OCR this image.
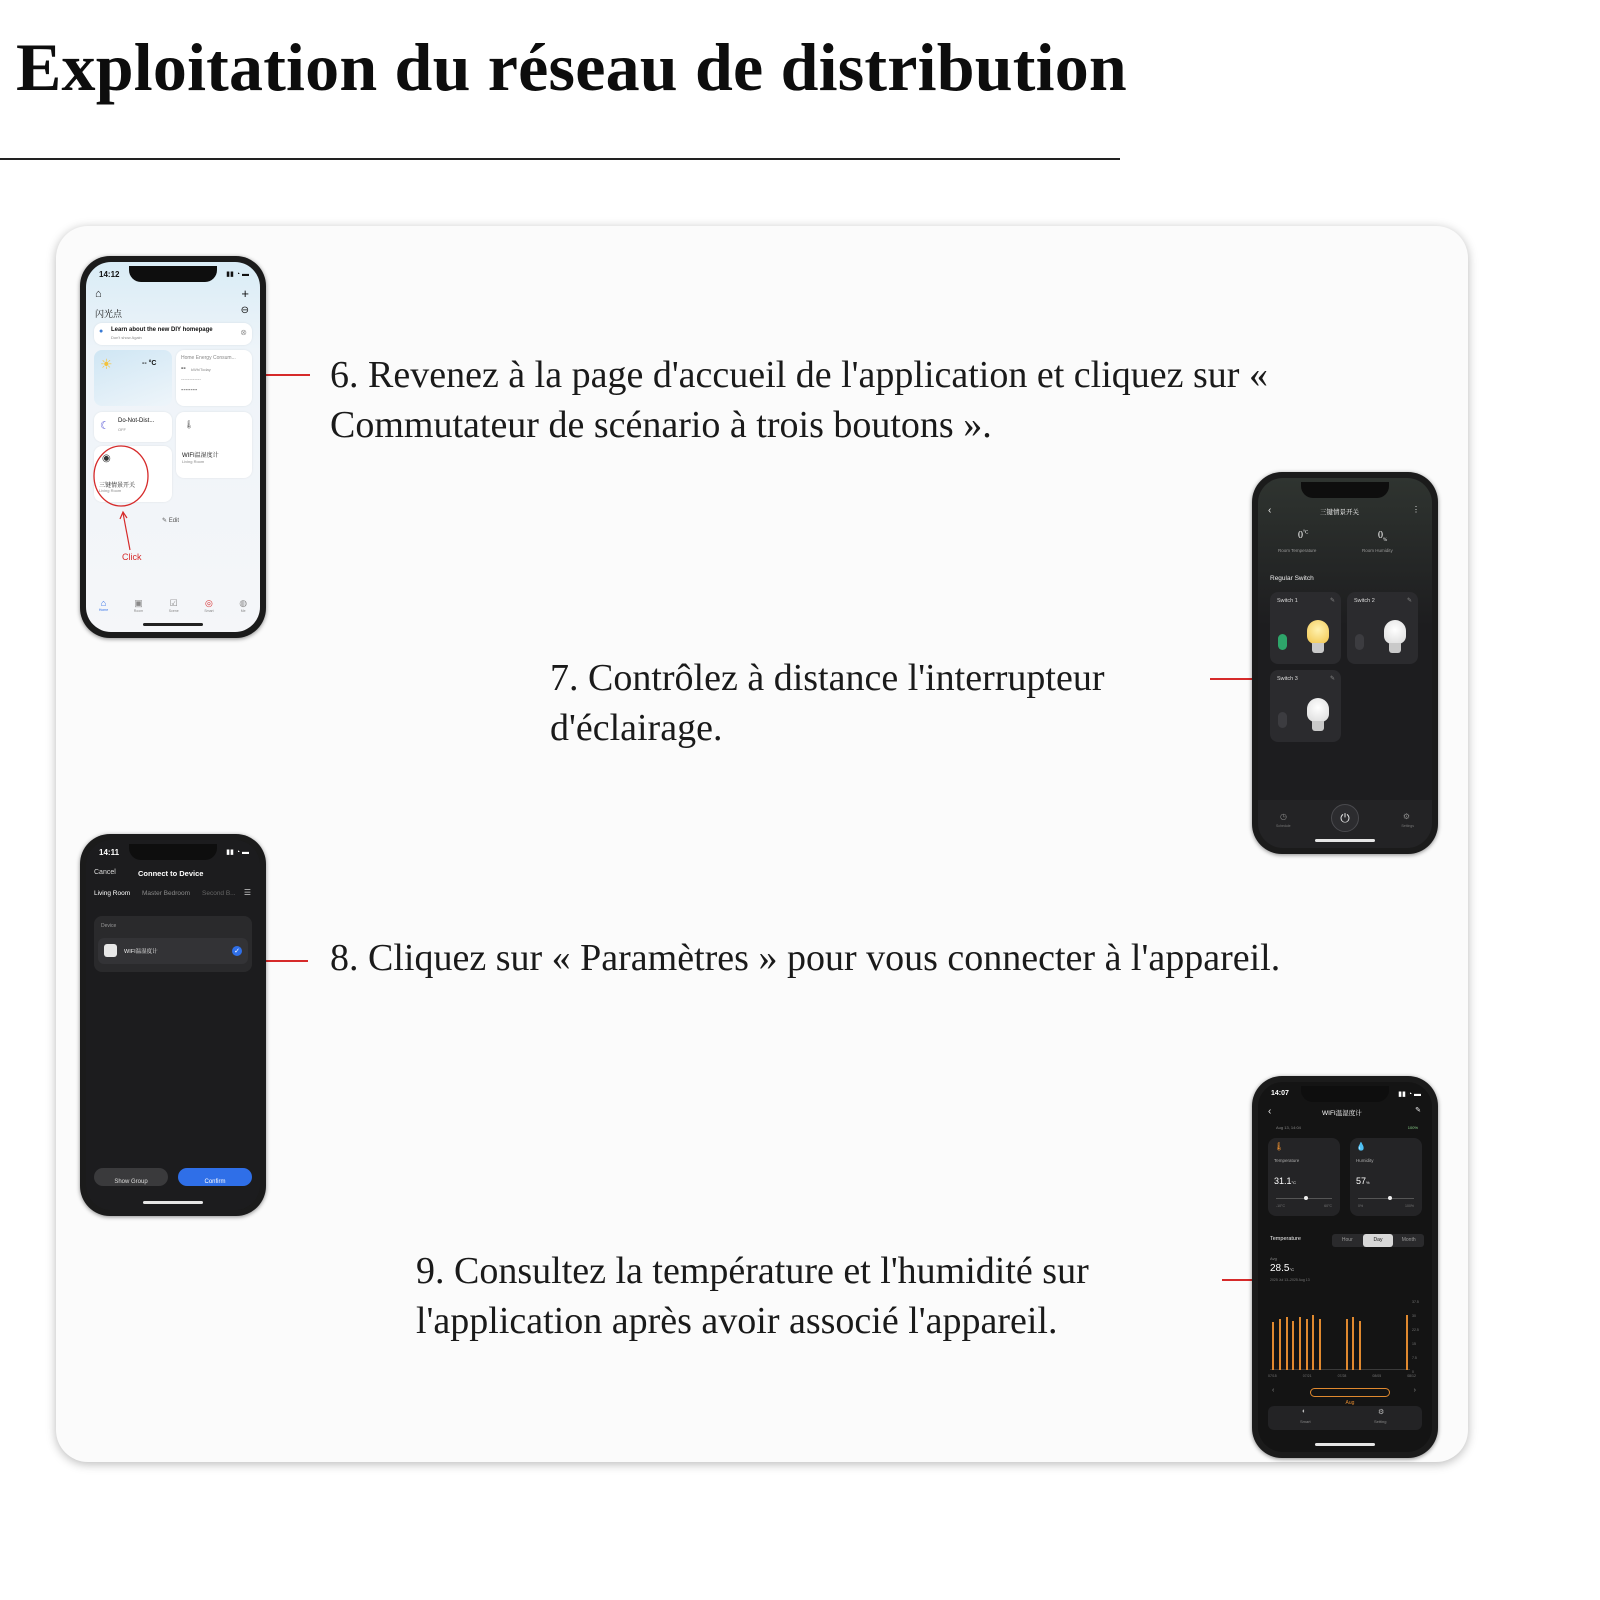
Exploitation du réseau de distribution
6. Revenez à la page d'accueil de l'application et cliquez sur «
Commutateur de scénario à trois boutons ».
7. Contrôlez à distance l'interrupteur
d'éclairage.
8. Cliquez sur « Paramètres » pour vous connecter à l'appareil.
9. Consultez la température et l'humidité sur
l'application après avoir associé l'appareil.
14:12	▮▮ ◔ ▬
⌂	+
闪光点	⊖
● Learn about the new DIY homepage
Don't show Again
⊗
☀	-- °C
Home Energy Consum...
-- kWh/Today
------------
-------
☾ Do-Not-Dist...
OFF
🌡
WIFI温湿度计
Living Room
◉
三键情景开关
Living Room
Click
✎ Edit
⌂
Home
▣
Room
☑
Scene
◎
Smart
◍
Me
14:11	▮▮ ◔ ▬
Cancel	Connect to Device
Living Room Master Bedroom Second B... ☰
Device
WIFI温湿度计	✓
Show Group	Confirm
‹	三键情景开关	⋮
$0^{^\circ C}$
Room Temperature
$0_{\%}$
Room Humidity
Regular Switch
Switch 1	✎	Switch 2	✎
Switch 3	✎
◷
Schedule
⏻	⚙
Settings
14:07	▮▮ ◔ ▬
‹	WIFI温湿度计	✎
Aug 13, 14:04	100%
🌡
Temperature
31.1°C
-10°C	60°C
💧
Humidity
57%
0%	100%
Temperature	Hour	Day	Month
Avg
28.5°C
2025 Jul 13–2025 Aug 13
37.5
30
22.5
15
7.5
0
07/15	07/21	07/28	08/05	08/12
‹
Aug
›
◐
Smart
⚙
Setting
